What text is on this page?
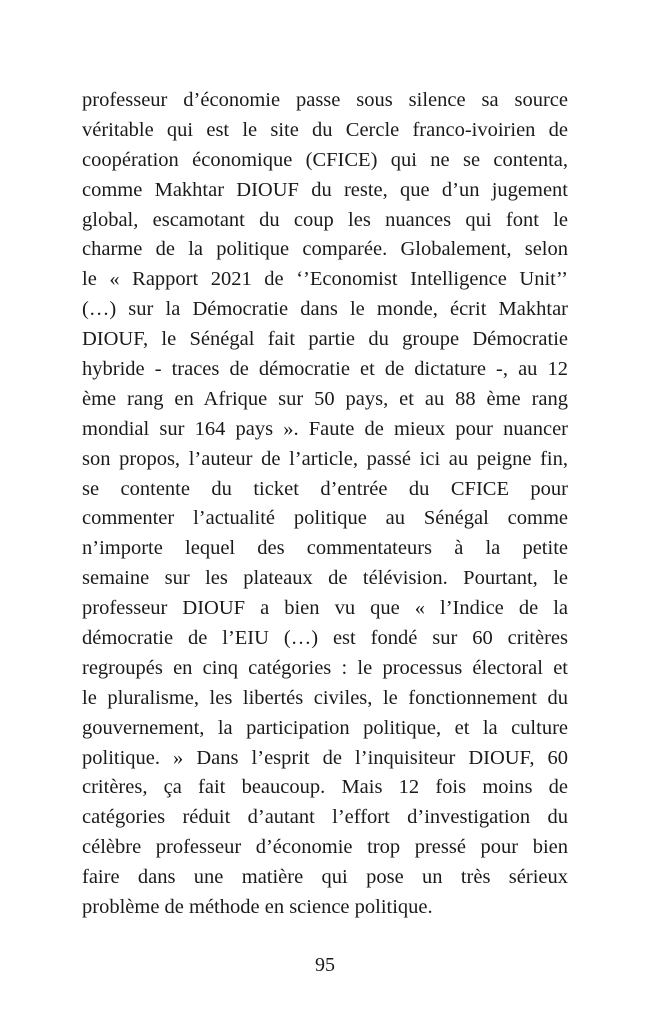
professeur d’économie passe sous silence sa source
véritable qui est le site du Cercle franco-ivoirien de
coopération économique (CFICE) qui ne se contenta,
comme Makhtar DIOUF du reste, que d’un jugement
global, escamotant du coup les nuances qui font le
charme de la politique comparée. Globalement, selon
le « Rapport 2021 de ‘’Economist Intelligence Unit’’
(…) sur la Démocratie dans le monde, écrit Makhtar
DIOUF, le Sénégal fait partie du groupe Démocratie
hybride - traces de démocratie et de dictature -, au 12
ème rang en Afrique sur 50 pays, et au 88 ème rang
mondial sur 164 pays ». Faute de mieux pour nuancer
son propos, l’auteur de l’article, passé ici au peigne fin,
se contente du ticket d’entrée du CFICE pour
commenter l’actualité politique au Sénégal comme
n’importe lequel des commentateurs à la petite
semaine sur les plateaux de télévision. Pourtant, le
professeur DIOUF a bien vu que « l’Indice de la
démocratie de l’EIU (…) est fondé sur 60 critères
regroupés en cinq catégories : le processus électoral et
le pluralisme, les libertés civiles, le fonctionnement du
gouvernement, la participation politique, et la culture
politique. » Dans l’esprit de l’inquisiteur DIOUF, 60
critères, ça fait beaucoup. Mais 12 fois moins de
catégories réduit d’autant l’effort d’investigation du
célèbre professeur d’économie trop pressé pour bien
faire dans une matière qui pose un très sérieux
problème de méthode en science politique.
95
